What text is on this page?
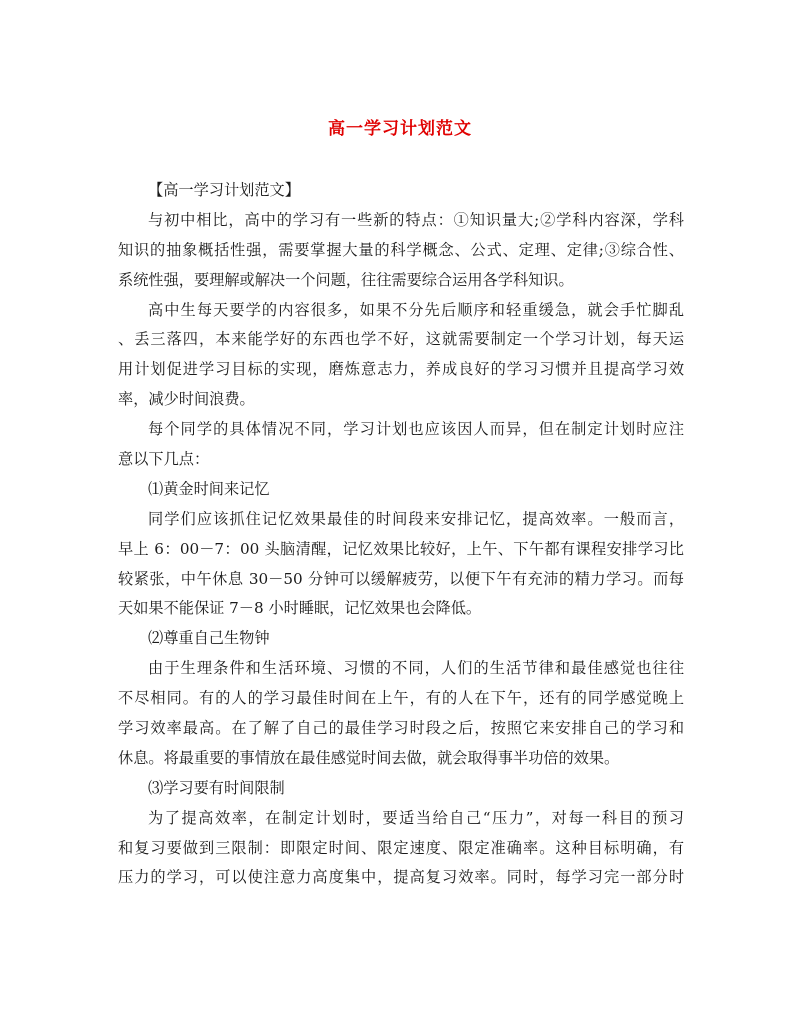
高一学习计划范文
【高一学习计划范文】
与初中相比，高中的学习有一些新的特点：①知识量大;②学科内容深，学科
知识的抽象概括性强，需要掌握大量的科学概念、公式、定理、定律;③综合性、
系统性强，要理解或解决一个问题，往往需要综合运用各学科知识。
高中生每天要学的内容很多，如果不分先后顺序和轻重缓急，就会手忙脚乱
、丢三落四，本来能学好的东西也学不好，这就需要制定一个学习计划，每天运
用计划促进学习目标的实现，磨炼意志力，养成良好的学习习惯并且提高学习效
率，减少时间浪费。
每个同学的具体情况不同，学习计划也应该因人而异，但在制定计划时应注
意以下几点：
⑴黄金时间来记忆
同学们应该抓住记忆效果最佳的时间段来安排记忆，提高效率。一般而言，
早上 6：00－7：00 头脑清醒，记忆效果比较好，上午、下午都有课程安排学习比
较紧张，中午休息 30－50 分钟可以缓解疲劳，以便下午有充沛的精力学习。而每
天如果不能保证 7－8 小时睡眠，记忆效果也会降低。
⑵尊重自己生物钟
由于生理条件和生活环境、习惯的不同，人们的生活节律和最佳感觉也往往
不尽相同。有的人的学习最佳时间在上午，有的人在下午，还有的同学感觉晚上
学习效率最高。在了解了自己的最佳学习时段之后，按照它来安排自己的学习和
休息。将最重要的事情放在最佳感觉时间去做，就会取得事半功倍的效果。
⑶学习要有时间限制
为了提高效率，在制定计划时，要适当给自己“压力”，对每一科目的预习
和复习要做到三限制：即限定时间、限定速度、限定准确率。这种目标明确，有
压力的学习，可以使注意力高度集中，提高复习效率。同时，每学习完一部分时
